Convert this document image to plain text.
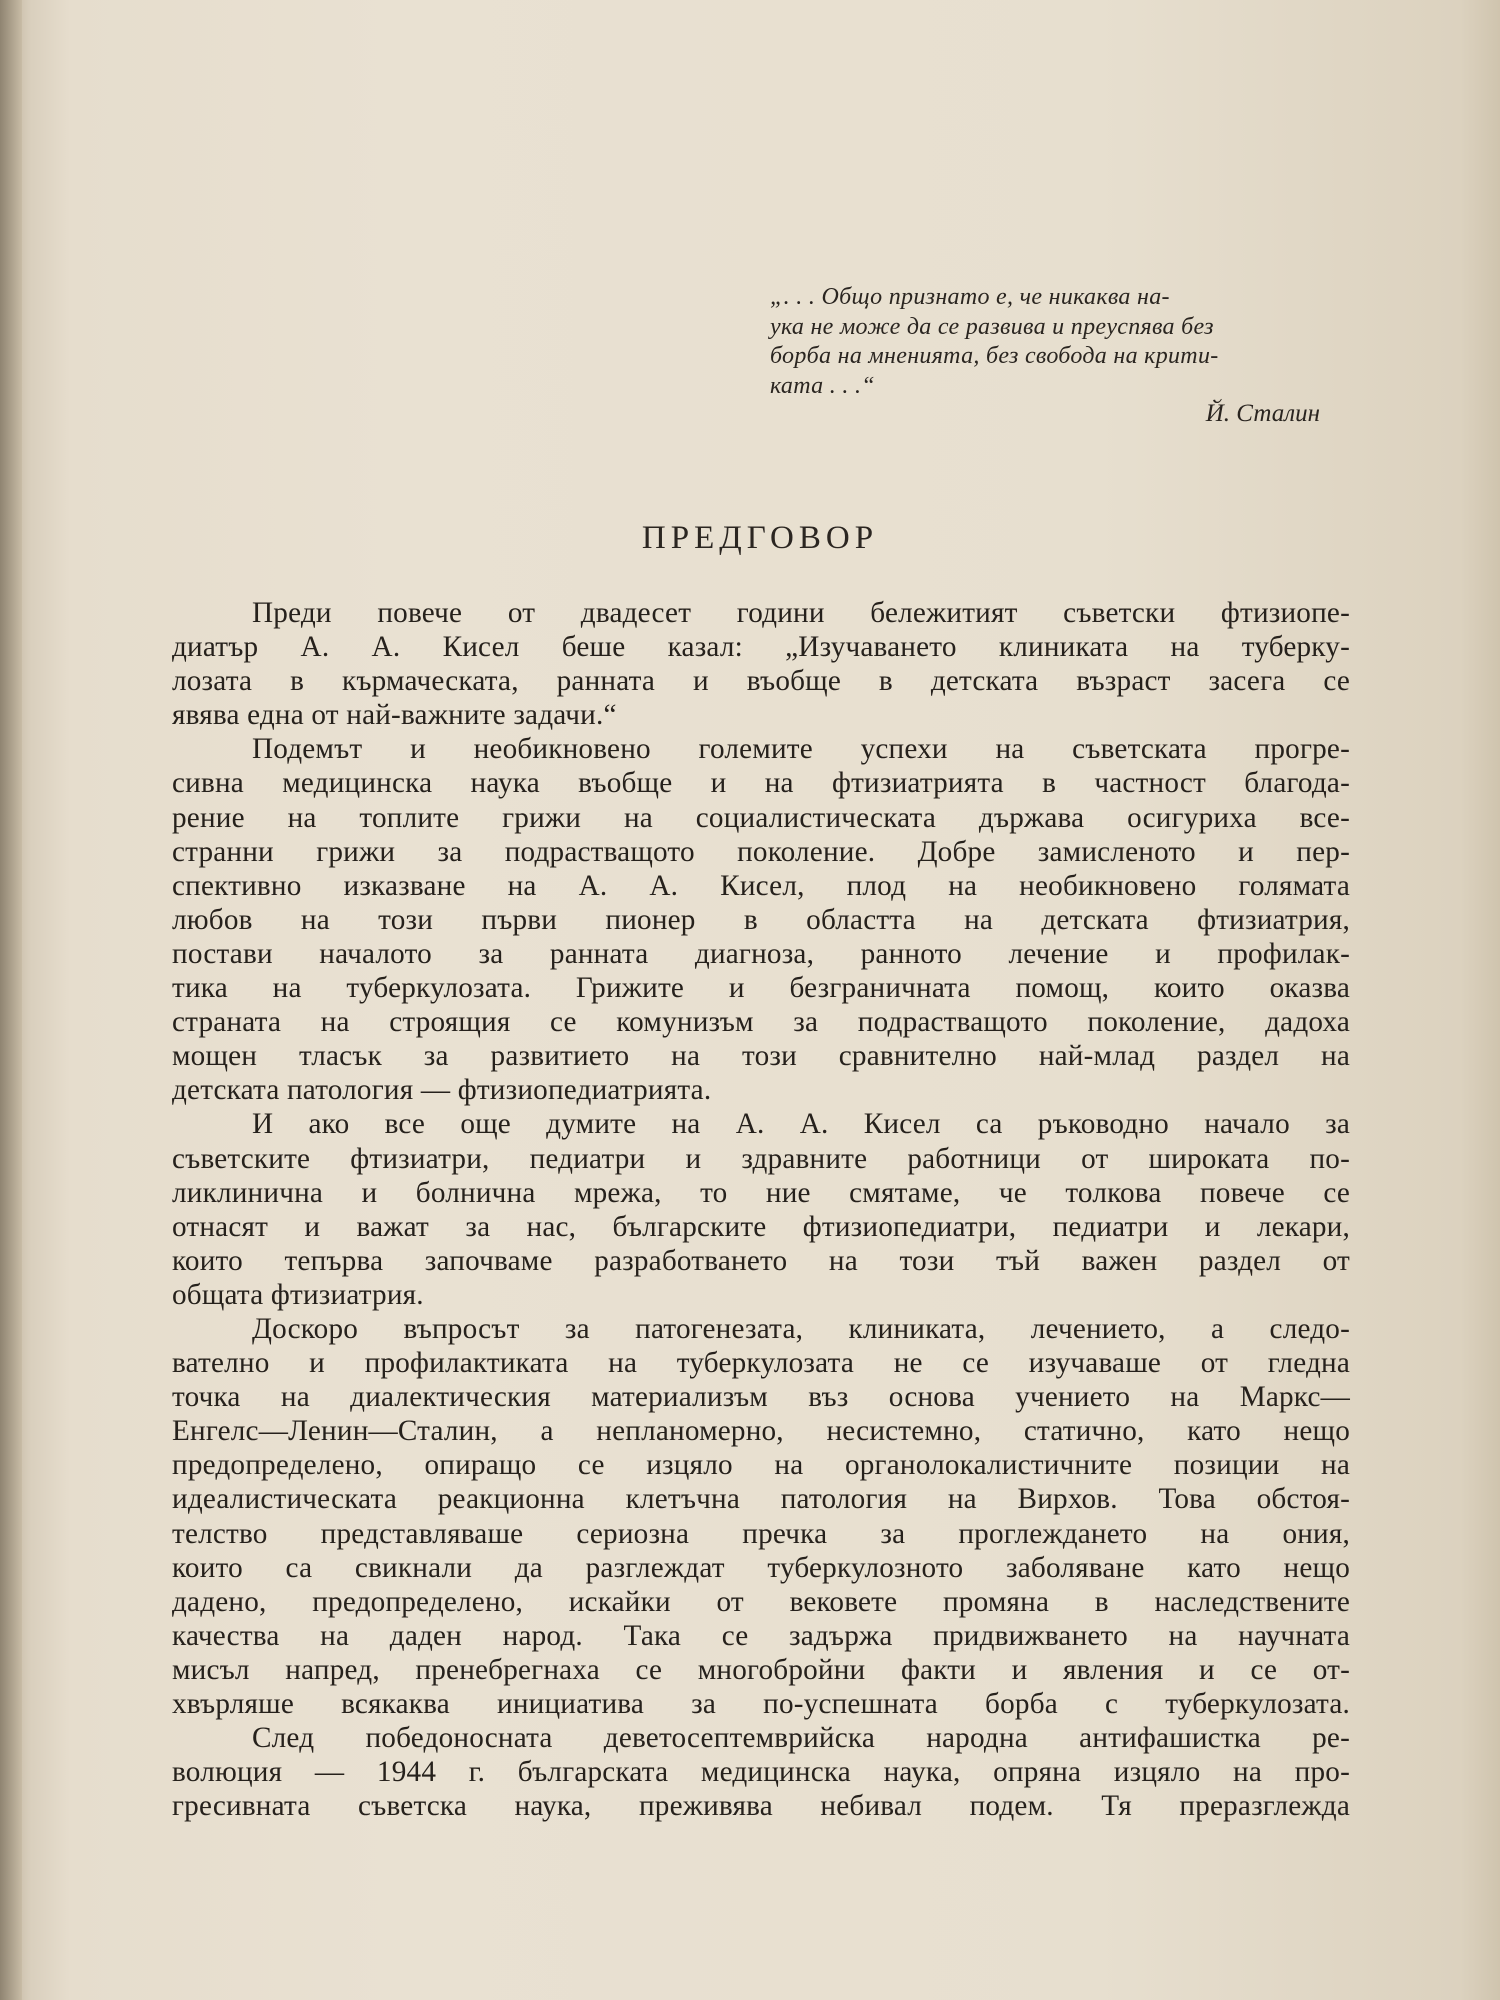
„. . . Общо признато е, че никаква на-
ука не може да се развива и преуспява без
борба на мненията, без свобода на крити-
ката . . .“
Й. Сталин
ПРЕДГОВОР
Преди повече от двадесет години бележитият съветски фтизиопе-
диатър А. А. Кисел беше казал: „Изучаването клиниката на туберку-
лозата в кърмаческата, ранната и въобще в детската възраст засега се
явява една от най-важните задачи.“
Подемът и необикновено големите успехи на съветската прогре-
сивна медицинска наука въобще и на фтизиатрията в частност благода-
рение на топлите грижи на социалистическата държава осигуриха все-
странни грижи за подрастващото поколение. Добре замисленото и пер-
спективно изказване на А. А. Кисел, плод на необикновено голямата
любов на този първи пионер в областта на детската фтизиатрия,
постави началото за ранната диагноза, ранното лечение и профилак-
тика на туберкулозата. Грижите и безграничната помощ, които оказва
страната на строящия се комунизъм за подрастващото поколение, дадоха
мощен тласък за развитието на този сравнително най-млад раздел на
детската патология — фтизиопедиатрията.
И ако все още думите на А. А. Кисел са ръководно начало за
съветските фтизиатри, педиатри и здравните работници от широката по-
ликлинична и болнична мрежа, то ние смятаме, че толкова повече се
отнасят и важат за нас, българските фтизиопедиатри, педиатри и лекари,
които тепърва започваме разработването на този тъй важен раздел от
общата фтизиатрия.
Доскоро въпросът за патогенезата, клиниката, лечението, а следо-
вателно и профилактиката на туберкулозата не се изучаваше от гледна
точка на диалектическия материализъм въз основа учението на Маркс—
Енгелс—Ленин—Сталин, а непланомерно, несистемно, статично, като нещо
предопределено, опиращо се изцяло на органолокалистичните позиции на
идеалистическата реакционна клетъчна патология на Вирхов. Това обстоя-
телство представляваше сериозна пречка за проглеждането на ония,
които са свикнали да разглеждат туберкулозното заболяване като нещо
дадено, предопределено, искайки от вековете промяна в наследствените
качества на даден народ. Така се задържа придвижването на научната
мисъл напред, пренебрегнаха се многобройни факти и явления и се от-
хвърляше всякаква инициатива за по-успешната борба с туберкулозата.
След победоносната деветосептемврийска народна антифашистка ре-
волюция — 1944 г. българската медицинска наука, опряна изцяло на про-
гресивната съветска наука, преживява небивал подем. Тя преразглежда
